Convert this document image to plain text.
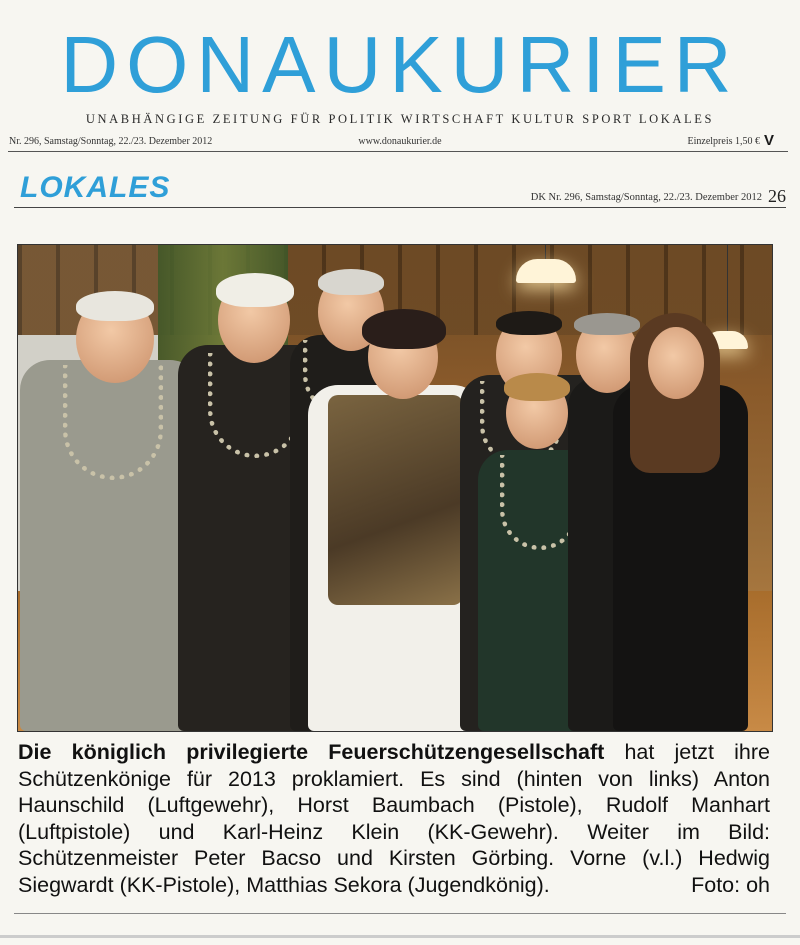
DONAUKURIER
UNABHÄNGIGE ZEITUNG FÜR POLITIK WIRTSCHAFT KULTUR SPORT LOKALES
Nr. 296, Samstag/Sonntag, 22./23. Dezember 2012	www.donaukurier.de	Einzelpreis 1,50 € V
LOKALES	DK Nr. 296, Samstag/Sonntag, 22./23. Dezember 2012 26
Die königlich privilegierte Feuerschützengesellschaft hat jetzt ihre Schützenkönige für 2013 proklamiert. Es sind (hinten von links) Anton Haunschild (Luftgewehr), Horst Baumbach (Pistole), Rudolf Manhart (Luftpistole) und Karl-Heinz Klein (KK-Gewehr). Weiter im Bild: Schützenmeister Peter Bacso und Kirsten Görbing. Vorne (v.l.) Hedwig Siegwardt (KK-Pistole), Matthias Sekora (Jugendkönig).	Foto: oh
